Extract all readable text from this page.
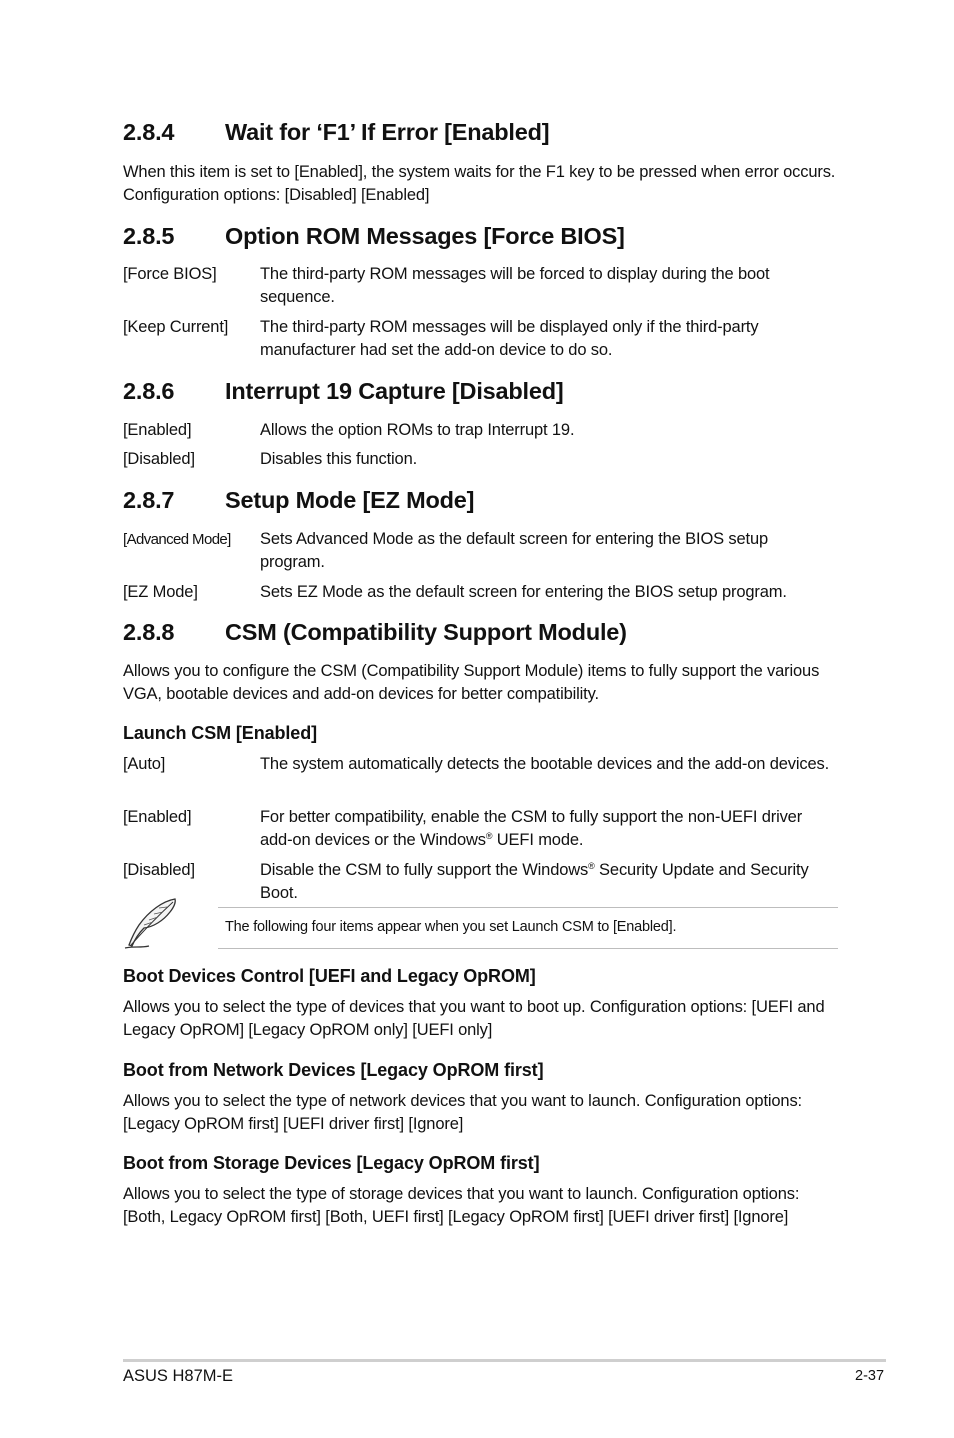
2.8.4 Wait for ‘F1’ If Error [Enabled]

When this item is set to [Enabled], the system waits for the F1 key to be pressed when error occurs. Configuration options: [Disabled] [Enabled]

2.8.5 Option ROM Messages [Force BIOS]
[Force BIOS]	The third-party ROM messages will be forced to display during the boot sequence.
[Keep Current] The third-party ROM messages will be displayed only if the third-party manufacturer had set the add-on device to do so.
2.8.6 Interrupt 19 Capture [Disabled]
[Enabled]	Allows the option ROMs to trap Interrupt 19.
[Disabled]	Disables this function.
2.8.7 Setup Mode [EZ Mode]
[Advanced Mode] Sets Advanced Mode as the default screen for entering the BIOS setup program.
[EZ Mode]	Sets EZ Mode as the default screen for entering the BIOS setup program.
2.8.8 CSM (Compatibility Support Module)

Allows you to configure the CSM (Compatibility Support Module) items to fully support the various VGA, bootable devices and add-on devices for better compatibility.

Launch CSM [Enabled]
[Auto]	The system automatically detects the bootable devices and the add-on devices.
[Enabled]	For better compatibility, enable the CSM to fully support the non-UEFI driver add-on devices or the Windows® UEFI mode.
[Disabled]	Disable the CSM to fully support the Windows® Security Update and Security Boot.
The following four items appear when you set Launch CSM to [Enabled].
Boot Devices Control [UEFI and Legacy OpROM]

Allows you to select the type of devices that you want to boot up. Configuration options: [UEFI and Legacy OpROM] [Legacy OpROM only] [UEFI only]

Boot from Network Devices [Legacy OpROM first]

Allows you to select the type of network devices that you want to launch. Configuration options: [Legacy OpROM first] [UEFI driver first] [Ignore]

Boot from Storage Devices [Legacy OpROM first]

Allows you to select the type of storage devices that you want to launch. Configuration options: [Both, Legacy OpROM first] [Both, UEFI first] [Legacy OpROM first] [UEFI driver first] [Ignore]

ASUS H87M-E	2-37
